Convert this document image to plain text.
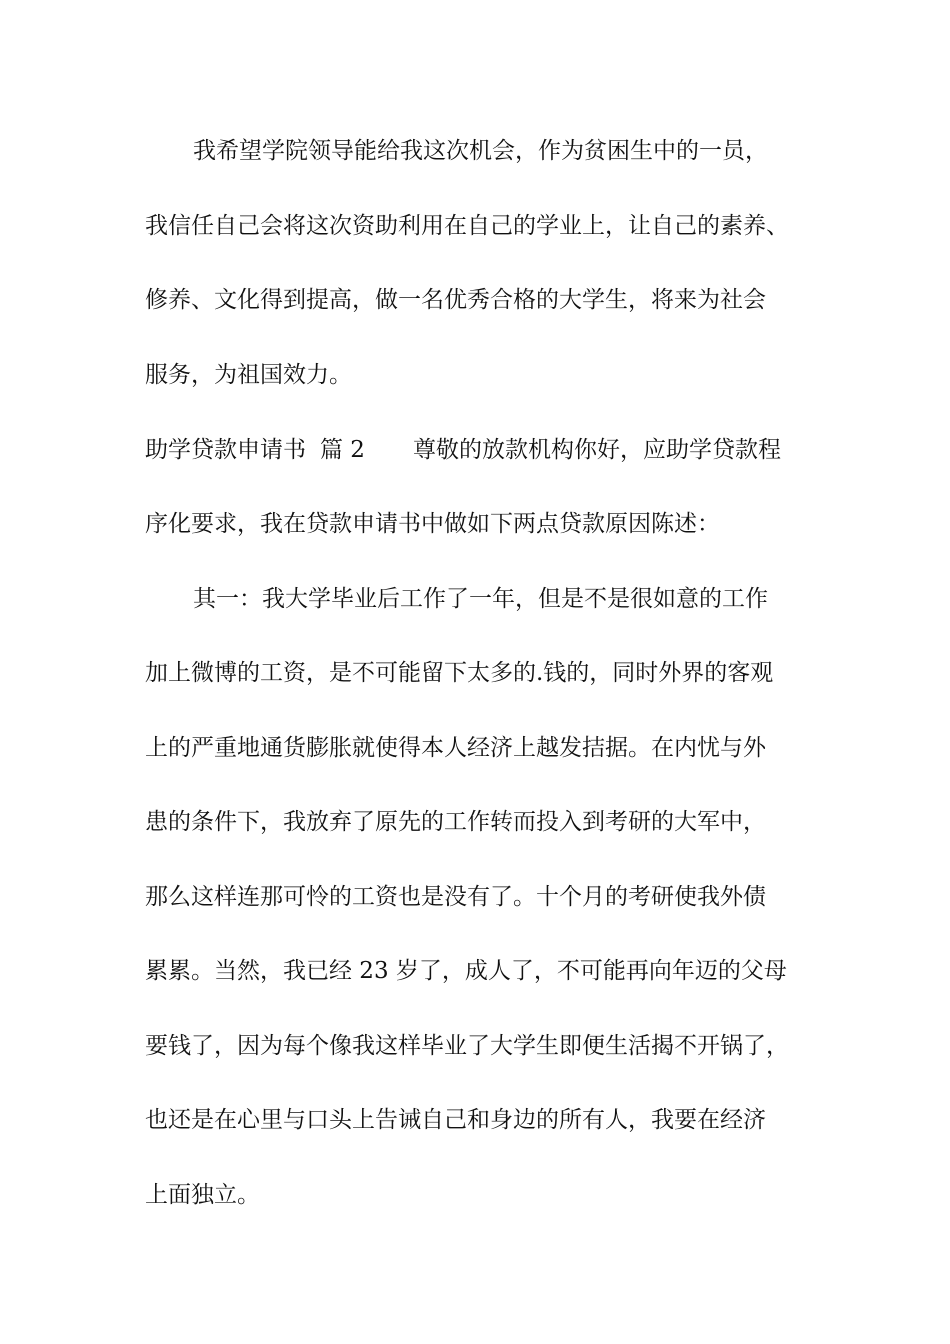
我希望学院领导能给我这次机会，作为贫困生中的一员，

我信任自己会将这次资助利用在自己的学业上，让自己的素养、

修养、文化得到提高，做一名优秀合格的大学生，将来为社会

服务，为祖国效力。

助学贷款申请书 篇 2 尊敬的放款机构你好，应助学贷款程

序化要求，我在贷款申请书中做如下两点贷款原因陈述：

其一：我大学毕业后工作了一年，但是不是很如意的工作

加上微博的工资，是不可能留下太多的.钱的，同时外界的客观

上的严重地通货膨胀就使得本人经济上越发拮据。在内忧与外

患的条件下，我放弃了原先的工作转而投入到考研的大军中，

那么这样连那可怜的工资也是没有了。十个月的考研使我外债

累累。当然，我已经 23 岁了，成人了，不可能再向年迈的父母

要钱了，因为每个像我这样毕业了大学生即便生活揭不开锅了，

也还是在心里与口头上告诫自己和身边的所有人，我要在经济

上面独立。
